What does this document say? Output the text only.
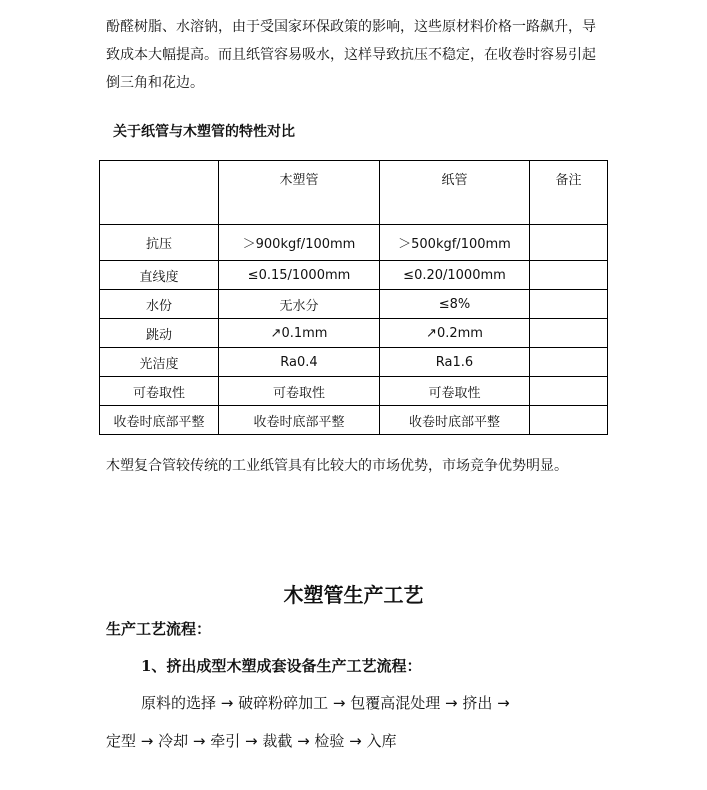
酚醛树脂、水溶钠，由于受国家环保政策的影响，这些原材料价格一路飙升，导
致成本大幅提高。而且纸管容易吸水，这样导致抗压不稳定，在收卷时容易引起
倒三角和花边。

关于纸管与木塑管的特性对比

	木塑管	纸管	备注
抗压	＞900kgf/100mm	＞500kgf/100mm	
直线度	≤0.15/1000mm	≤0.20/1000mm	
水份	无水分	≤8%	
跳动	↗0.1mm	↗0.2mm	
光洁度	Ra0.4	Ra1.6	
可卷取性	可卷取性	可卷取性	
收卷时底部平整	收卷时底部平整	收卷时底部平整	

木塑复合管较传统的工业纸管具有比较大的市场优势，市场竞争优势明显。

木塑管生产工艺

生产工艺流程：

1、挤出成型木塑成套设备生产工艺流程：

原料的选择 → 破碎粉碎加工 → 包覆高混处理 → 挤出 →

定型 → 冷却 → 牵引 → 裁截 → 检验 → 入库
